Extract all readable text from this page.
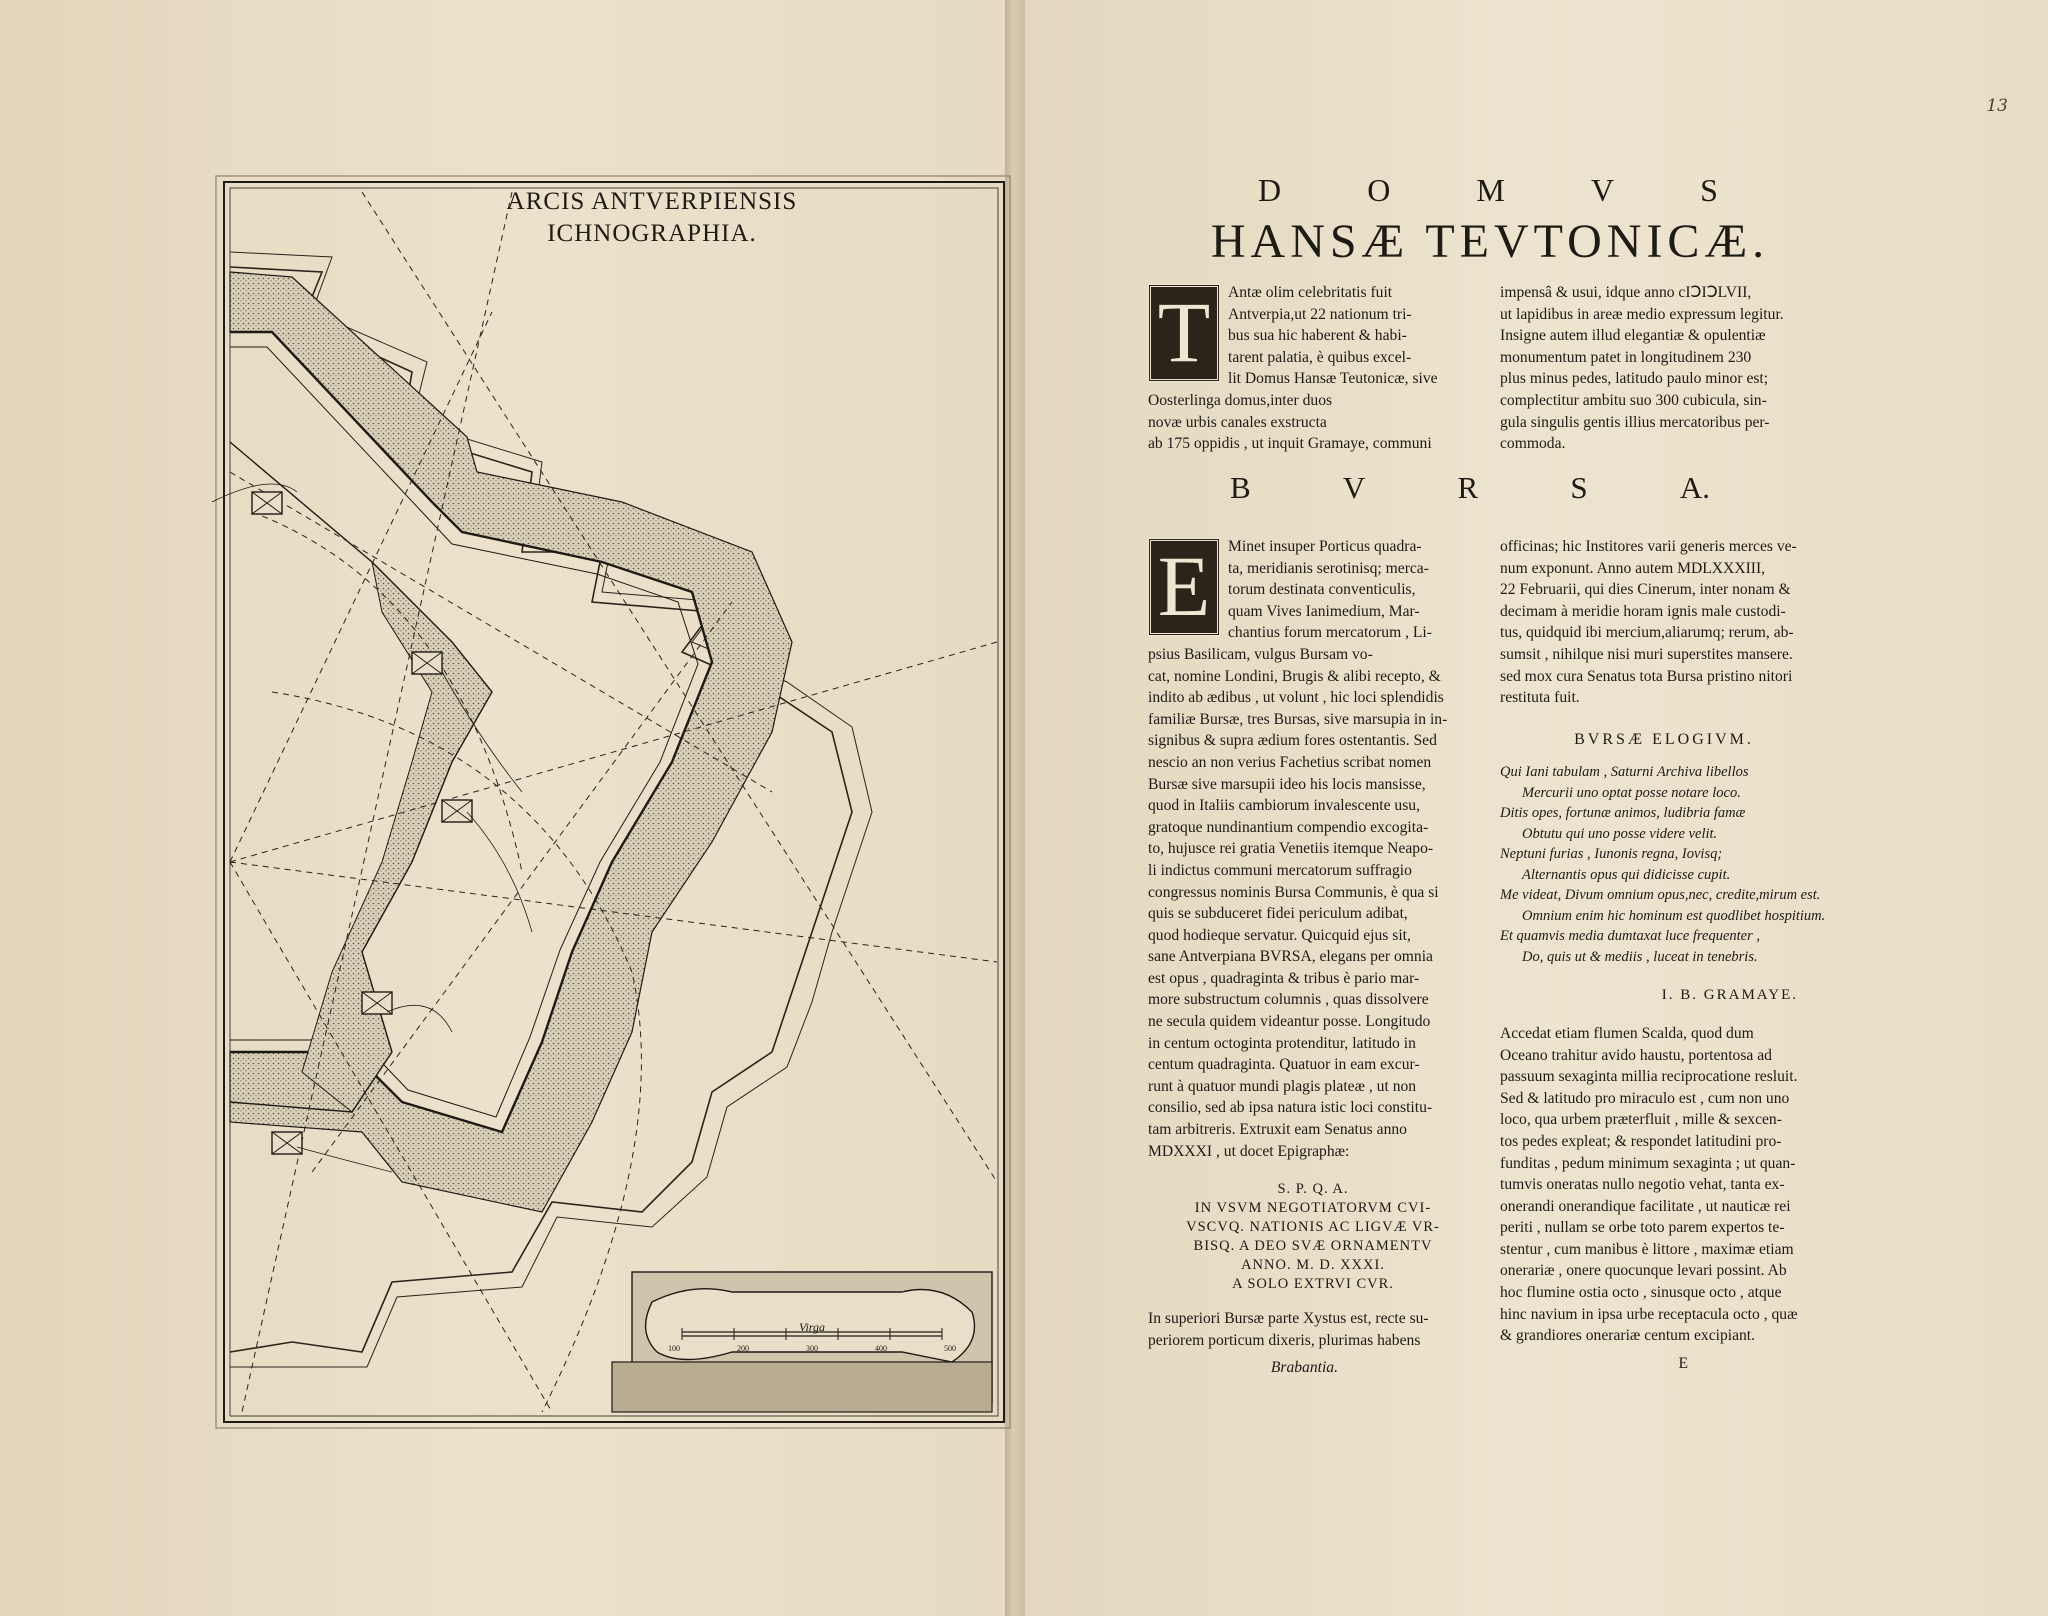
13
ARCIS ANTVERPIENSIS
ICHNOGRAPHIA.
Virga
100	200	300	400	500
D	O	M	V	S
HANSÆ TEVTONICÆ.
T	Antæ olim celebritatis fuit

Antverpia,ut 22 nationum tri-

bus sua hic haberent & habi-

tarent palatia, è quibus excel-

lit Domus Hansæ Teutonicæ, sive

Oosterlinga domus,inter duos

novæ urbis canales exstructa

ab 175 oppidis , ut inquit Gramaye, communi

impensâ & usui, idque anno cIↃIↃLVII,

ut lapidibus in areæ medio expressum legitur.

Insigne autem illud elegantiæ & opulentiæ

monumentum patet in longitudinem 230

plus minus pedes, latitudo paulo minor est;

complectitur ambitu suo 300 cubicula, sin-

gula singulis gentis illius mercatoribus per-

commoda.

B	V	R	S	A.
E	Minet insuper Porticus quadra-

ta, meridianis serotinisq; merca-

torum destinata conventiculis,

quam Vives Ianimedium, Mar-

chantius forum mercatorum , Li-

psius Basilicam, vulgus Bursam vo-

cat, nomine Londini, Brugis & alibi recepto, &

indito ab ædibus , ut volunt , hic loci splendidis

familiæ Bursæ, tres Bursas, sive marsupia in in-

signibus & supra ædium fores ostentantis. Sed

nescio an non verius Fachetius scribat nomen

Bursæ sive marsupii ideo his locis mansisse,

quod in Italiis cambiorum invalescente usu,

gratoque nundinantium compendio excogita-

to, hujusce rei gratia Venetiis itemque Neapo-

li indictus communi mercatorum suffragio

congressus nominis Bursa Communis, è qua si

quis se subduceret fidei periculum adibat,

quod hodieque servatur. Quicquid ejus sit,

sane Antverpiana BVRSA, elegans per omnia

est opus , quadraginta & tribus è pario mar-

more substructum columnis , quas dissolvere

ne secula quidem videantur posse. Longitudo

in centum octoginta protenditur, latitudo in

centum quadraginta. Quatuor in eam excur-

runt à quatuor mundi plagis plateæ , ut non

consilio, sed ab ipsa natura istic loci constitu-

tam arbitreris. Extruxit eam Senatus anno

MDXXXI , ut docet Epigraphæ:

S. P. Q. A.

IN VSVM NEGOTIATORVM CVI-

VSCVQ. NATIONIS AC LIGVÆ VR-

BISQ. A DEO SVÆ ORNAMENTV

ANNO. M. D. XXXI.

A SOLO EXTRVI CVR.

In superiori Bursæ parte Xystus est, recte su-

periorem porticum dixeris, plurimas habens

Brabantia.

officinas; hic Institores varii generis merces ve-

num exponunt. Anno autem MDLXXXIII,

22 Februarii, qui dies Cinerum, inter nonam &

decimam à meridie horam ignis male custodi-

tus, quidquid ibi mercium,aliarumq; rerum, ab-

sumsit , nihilque nisi muri superstites mansere.

sed mox cura Senatus tota Bursa pristino nitori

restituta fuit.

BVRSÆ ELOGIVM.
Qui Iani tabulam , Saturni Archiva libellos
Mercurii uno optat posse notare loco.
Ditis opes, fortunæ animos, ludibria famæ
Obtutu qui uno posse videre velit.
Neptuni furias , Iunonis regna, Iovisq;
Alternantis opus qui didicisse cupit.
Me videat, Divum omnium opus,nec, credite,mirum est.
Omnium enim hic hominum est quodlibet hospitium.
Et quamvis media dumtaxat luce frequenter ,
Do, quis ut & mediis , luceat in tenebris.
I. B. GRAMAYE.

Accedat etiam flumen Scalda, quod dum

Oceano trahitur avido haustu, portentosa ad

passuum sexaginta millia reciprocatione resluit.

Sed & latitudo pro miraculo est , cum non uno

loco, qua urbem præterfluit , mille & sexcen-

tos pedes expleat; & respondet latitudini pro-

funditas , pedum minimum sexaginta ; ut quan-

tumvis oneratas nullo negotio vehat, tanta ex-

onerandi onerandique facilitate , ut nauticæ rei

periti , nullam se orbe toto parem expertos te-

stentur , cum manibus è littore , maximæ etiam

onerariæ , onere quocunque levari possint. Ab

hoc flumine ostia octo , sinusque octo , atque

hinc navium in ipsa urbe receptacula octo , quæ

& grandiores onerariæ centum excipiant.

E
